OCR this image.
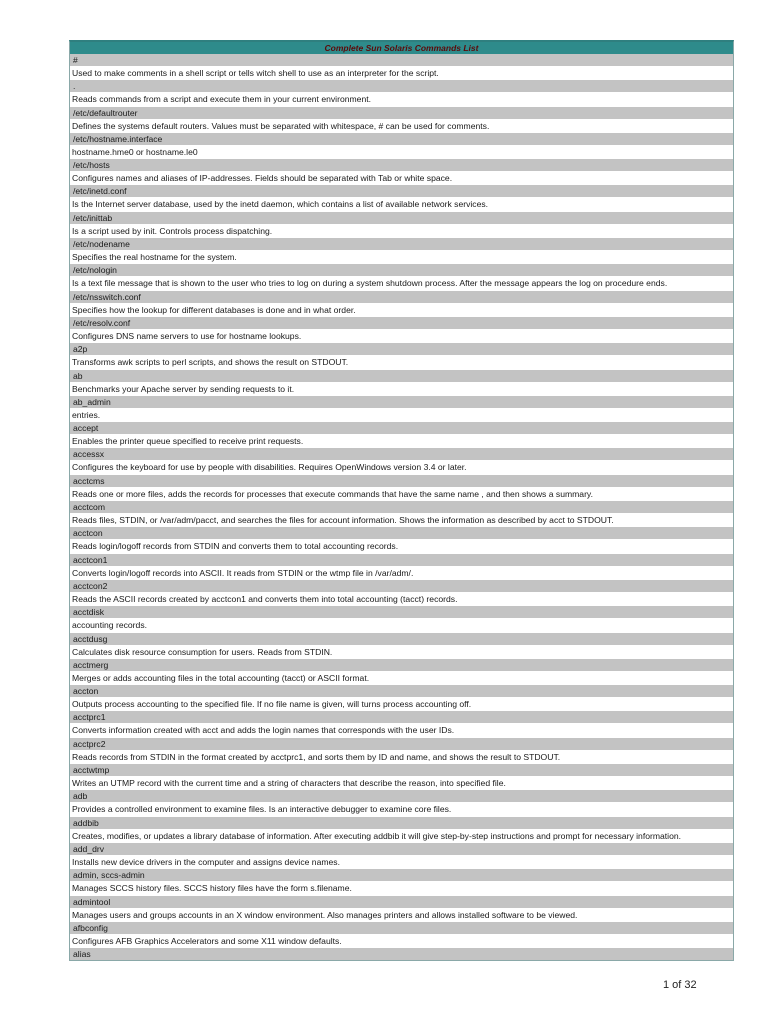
Complete Sun Solaris Commands List
#
Used to make comments in a shell script or tells witch shell to use as an interpreter for the script.
.
Reads commands from a script and execute them in your current environment.
/etc/defaultrouter
Defines the systems default routers. Values must be separated with whitespace, # can be used for comments.
/etc/hostname.interface
hostname.hme0 or hostname.le0
/etc/hosts
Configures names and aliases of IP-addresses. Fields should be separated with Tab or white space.
/etc/inetd.conf
Is the Internet server database, used by the inetd daemon, which contains a list of available network services.
/etc/inittab
Is a script used by init. Controls process dispatching.
/etc/nodename
Specifies the real hostname for the system.
/etc/nologin
Is a text file message that is shown to the user who tries to log on during a system shutdown process. After the message appears the log on procedure ends.
/etc/nsswitch.conf
Specifies how the lookup for different databases is done and in what order.
/etc/resolv.conf
Configures DNS name servers to use for hostname lookups.
a2p
Transforms awk scripts to perl scripts, and shows the result on STDOUT.
ab
Benchmarks your Apache server by sending requests to it.
ab_admin
entries.
accept
Enables the printer queue specified to receive print requests.
accessx
Configures the keyboard for use by people with disabilities. Requires OpenWindows version 3.4 or later.
acctcms
Reads one or more files, adds the records for processes that execute commands that have the same name , and then shows a summary.
acctcom
Reads files, STDIN, or /var/adm/pacct, and searches the files for account information. Shows the information as described by acct to STDOUT.
acctcon
Reads login/logoff records from STDIN and converts them to total accounting records.
acctcon1
Converts login/logoff records into ASCII. It reads from STDIN or the wtmp file in /var/adm/.
acctcon2
Reads the ASCII records created by acctcon1 and converts them into total accounting (tacct) records.
acctdisk
accounting records.
acctdusg
Calculates disk resource consumption for users. Reads from STDIN.
acctmerg
Merges or adds accounting files in the total accounting (tacct) or ASCII format.
accton
Outputs process accounting to the specified file. If no file name is given, will turns process accounting off.
acctprc1
Converts information created with acct and adds the login names that corresponds with the user IDs.
acctprc2
Reads records from STDIN in the format created by acctprc1, and sorts them by ID and name, and shows the result to STDOUT.
acctwtmp
Writes an UTMP record with the current time and a string of characters that describe the reason, into specified file.
adb
Provides a controlled environment to examine files. Is an interactive debugger to examine core files.
addbib
Creates, modifies, or updates a library database of information. After executing addbib it will give step-by-step instructions and prompt for necessary information.
add_drv
Installs new device drivers in the computer and assigns device names.
admin, sccs-admin
Manages SCCS history files. SCCS history files have the form s.filename.
admintool
Manages users and groups accounts in an X window environment. Also manages printers and allows installed software to be viewed.
afbconfig
Configures AFB Graphics Accelerators and some X11 window defaults.
alias
1 of 32
